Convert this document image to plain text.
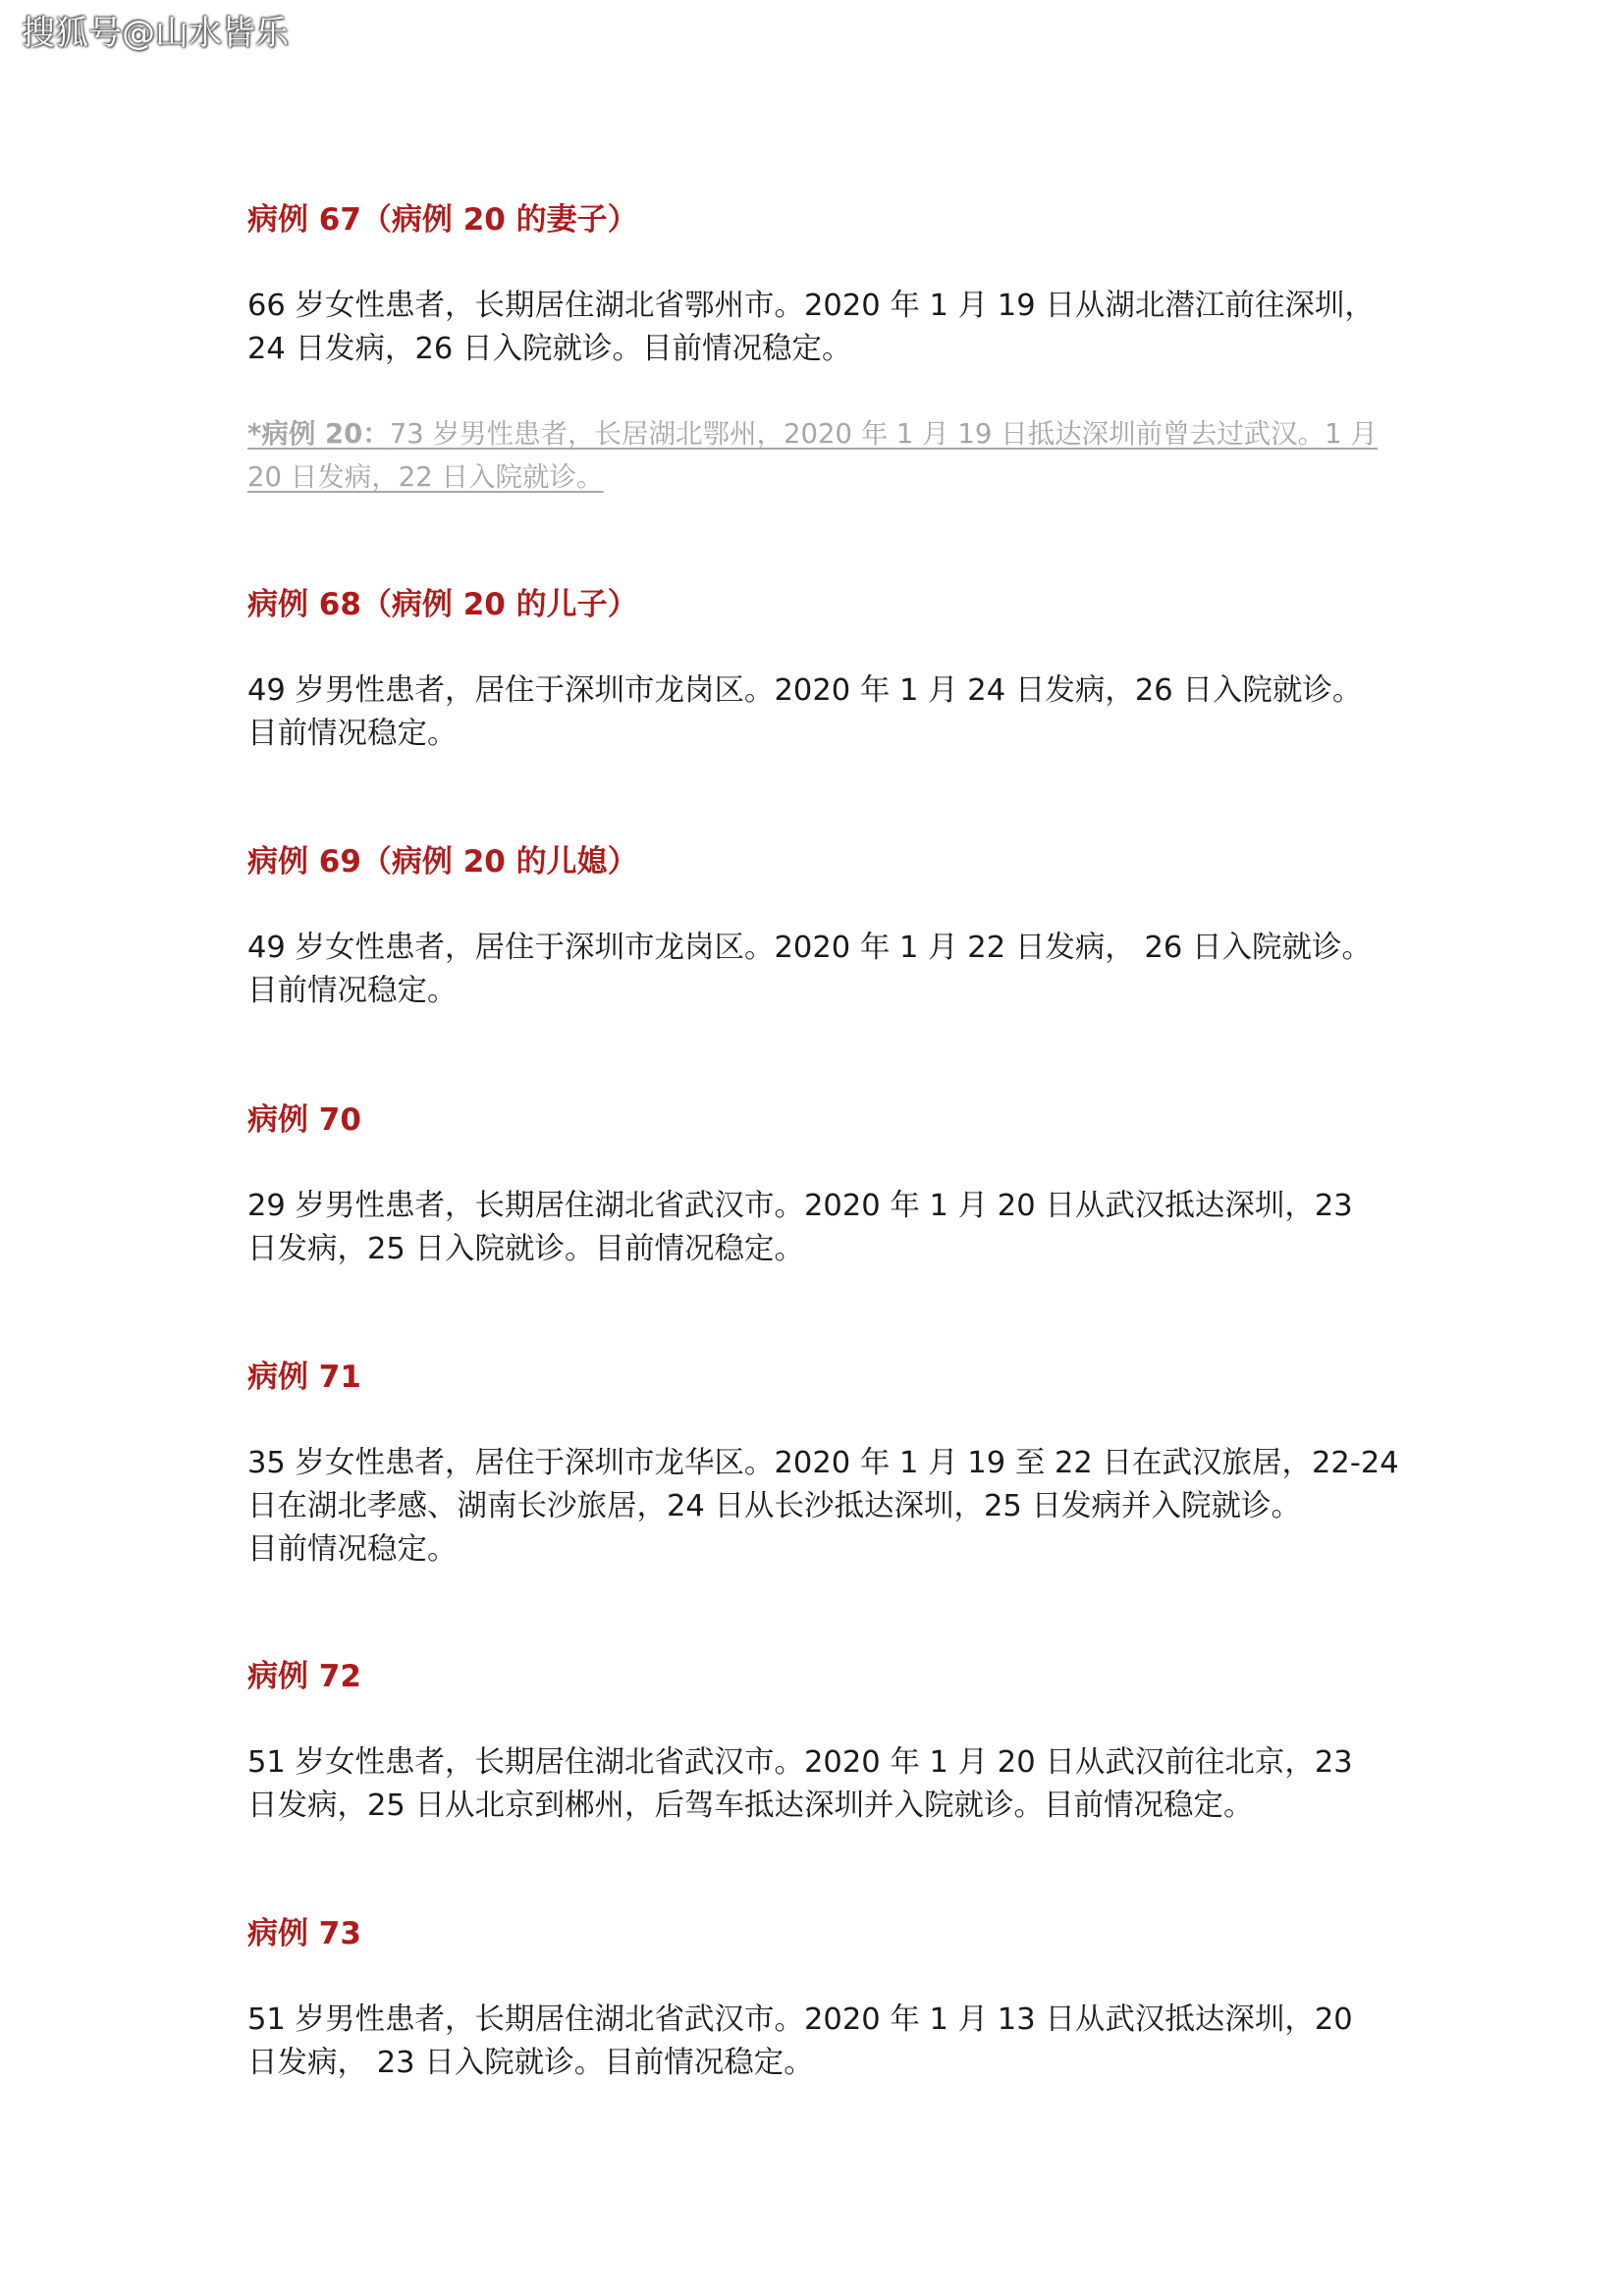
搜狐号@山水皆乐
病例 67（病例 20 的妻子）
66 岁女性患者，长期居住湖北省鄂州市。2020 年 1 月 19 日从湖北潜江前往深圳，
24 日发病，26 日入院就诊。目前情况稳定。
*病例 20：73 岁男性患者，长居湖北鄂州，2020 年 1 月 19 日抵达深圳前曾去过武汉。1 月
20 日发病，22 日入院就诊。
病例 68（病例 20 的儿子）
49 岁男性患者，居住于深圳市龙岗区。2020 年 1 月 24 日发病，26 日入院就诊。
目前情况稳定。
病例 69（病例 20 的儿媳）
49 岁女性患者，居住于深圳市龙岗区。2020 年 1 月 22 日发病， 26 日入院就诊。
目前情况稳定。
病例 70
29 岁男性患者，长期居住湖北省武汉市。2020 年 1 月 20 日从武汉抵达深圳，23
日发病，25 日入院就诊。目前情况稳定。
病例 71
35 岁女性患者，居住于深圳市龙华区。2020 年 1 月 19 至 22 日在武汉旅居，22-24
日在湖北孝感、湖南长沙旅居，24 日从长沙抵达深圳，25 日发病并入院就诊。
目前情况稳定。
病例 72
51 岁女性患者，长期居住湖北省武汉市。2020 年 1 月 20 日从武汉前往北京，23
日发病，25 日从北京到郴州，后驾车抵达深圳并入院就诊。目前情况稳定。
病例 73
51 岁男性患者，长期居住湖北省武汉市。2020 年 1 月 13 日从武汉抵达深圳，20
日发病， 23 日入院就诊。目前情况稳定。
